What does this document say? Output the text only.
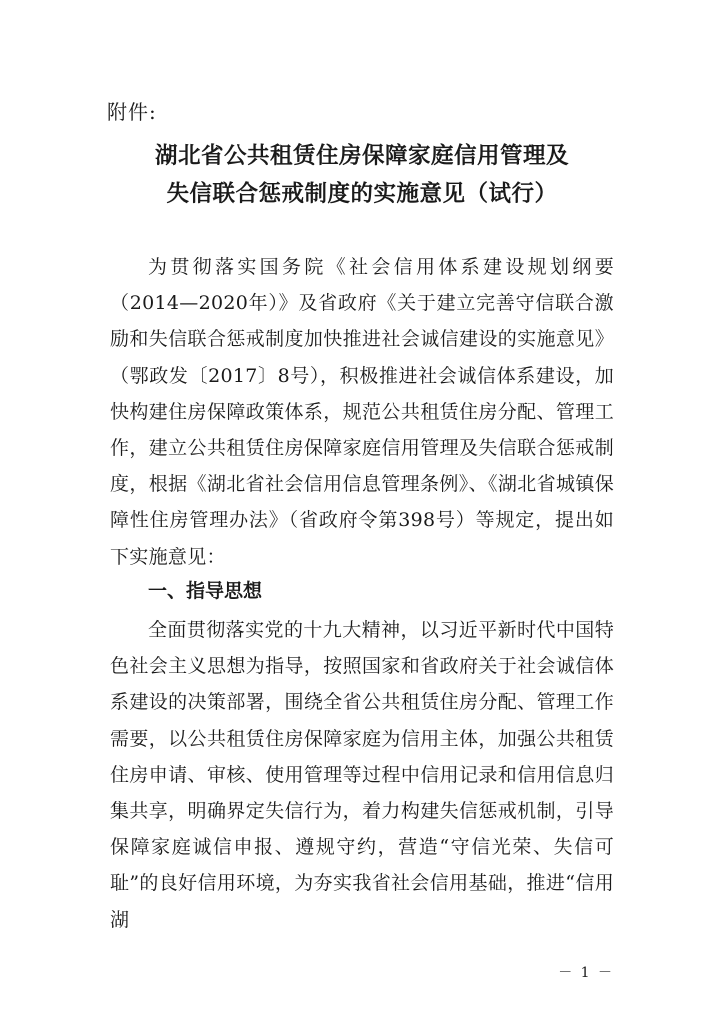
附件:
湖北省公共租赁住房保障家庭信用管理及
失信联合惩戒制度的实施意见（试行）
为贯彻落实国务院《社会信用体系建设规划纲要（2014—2020年）》及省政府《关于建立完善守信联合激励和失信联合惩戒制度加快推进社会诚信建设的实施意见》（鄂政发〔2017〕8号），积极推进社会诚信体系建设，加快构建住房保障政策体系，规范公共租赁住房分配、管理工作，建立公共租赁住房保障家庭信用管理及失信联合惩戒制度，根据《湖北省社会信用信息管理条例》、《湖北省城镇保障性住房管理办法》（省政府令第398号）等规定，提出如下实施意见：
一、指导思想
全面贯彻落实党的十九大精神，以习近平新时代中国特色社会主义思想为指导，按照国家和省政府关于社会诚信体系建设的决策部署，围绕全省公共租赁住房分配、管理工作需要，以公共租赁住房保障家庭为信用主体，加强公共租赁住房申请、审核、使用管理等过程中信用记录和信用信息归集共享，明确界定失信行为，着力构建失信惩戒机制，引导保障家庭诚信申报、遵规守约，营造“守信光荣、失信可耻”的良好信用环境，为夯实我省社会信用基础，推进“信用湖
－ 1 －
